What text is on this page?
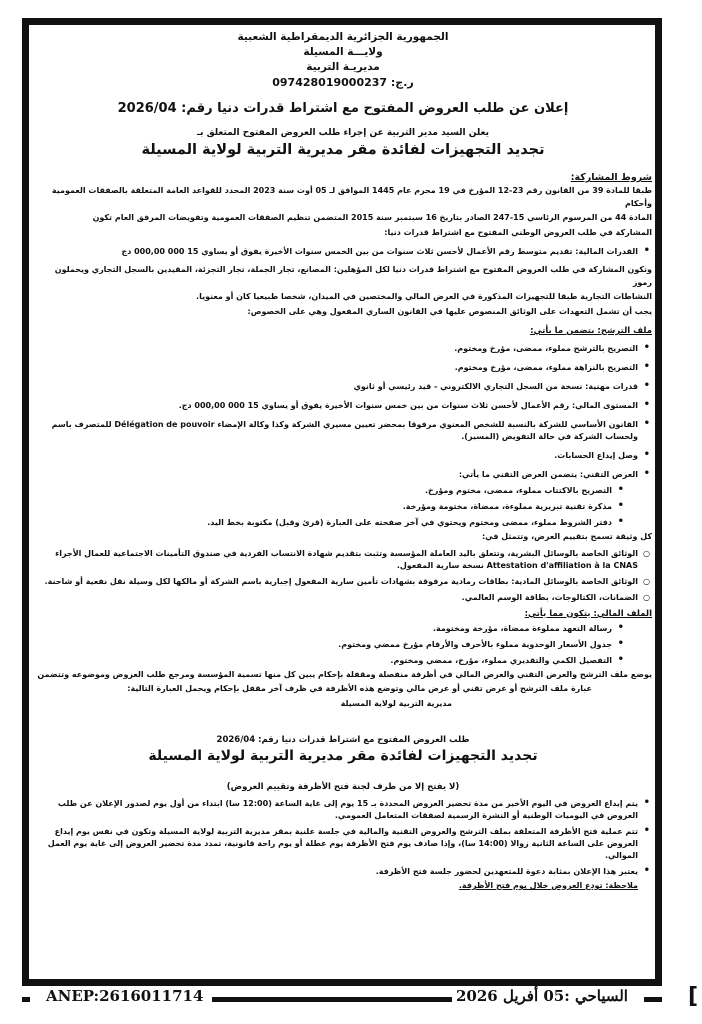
الجمهورية الجزائرية الديمقراطية الشعبية
ولايـــة المسيلة
مديريـة التربية
ر.ج: 097428019000237
إعلان عن طلب العروض المفتوح مع اشتراط قدرات دنيا رقم: 2026/04
يعلن السيد مدير التربية عن إجراء طلب العروض المفتوح المتعلق بـ
تجديد التجهيزات لفائدة مقر مديرية التربية لولاية المسيلة
شروط المشاركة:
طبقا للمادة 39 من القانون رقم 23-12 المؤرخ في 19 محرم عام 1445 الموافق لـ 05 أوت سنة 2023 المحدد للقواعد العامة المتعلقة بالصفقات العمومية وأحكام
المادة 44 من المرسوم الرئاسي 15-247 الصادر بتاريخ 16 سبتمبر سنة 2015 المتضمن تنظيم الصفقات العمومية وتفويضات المرفق العام تكون
المشاركة في طلب العروض الوطني المفتوح مع اشتراط قدرات دنيا:
• القدرات المالية: تقديم متوسط رقم الأعمال لأحسن ثلاث سنوات من بين الخمس سنوات الأخيرة يفوق أو يساوي 15 000 000,00 دج
وتكون المشاركة في طلب العروض المفتوح مع اشتراط قدرات دنيا لكل المؤهلين: المصانع، تجار الجملة، تجار التجزئة، المقيدين بالسجل التجاري ويحملون رموز
النشاطات التجارية طبقا للتجهيزات المذكورة في العرض المالي والمختصين في الميدان، شخصا طبيعيا كان أو معنويا.
يجب أن تشمل التعهدات على الوثائق المنصوص عليها في القانون الساري المفعول وهي على الخصوص:
ملف الترشح: يتضمن ما يأتي:
• التصريح بالترشح مملوء، ممضى، مؤرخ ومختوم.
• التصريح بالنزاهة مملوء، ممضى، مؤرخ ومختوم.
• قدرات مهنية: نسخة من السجل التجاري الالكتروني - قيد رئيسي أو ثانوي
• المستوى المالي: رقم الأعمال لأحسن ثلاث سنوات من بين خمس سنوات الأخيرة يفوق أو يساوي 15 000 000,00 دج.
• القانون الأساسي للشركة بالنسبة للشخص المعنوي مرفوقا بمحضر تعيين مسيري الشركة وكذا وكالة الإمضاء Délégation de pouvoir للمتصرف باسم ولحساب الشركة في حالة التفويض (المسير).
• وصل إيداع الحسابات.
• العرض التقني: يتضمن العرض التقني ما يأتي:
• التصريح بالاكتتاب مملوء، ممضى، مختوم ومؤرخ.
• مذكرة تقنية تبريرية مملوءة، ممضاة، مختومة ومؤرخة.
• دفتر الشروط مملوء، ممضى ومختوم ويحتوي في آخر صفحته على العبارة (قرئ وقبل) مكتوبة بخط اليد.
كل وثيقة تسمح بتقييم العرض، وتتمثل في:
○ الوثائق الخاصة بالوسائل البشرية، وتتعلق باليد العاملة المؤسسة وتثبت بتقديم شهادة الانتساب الفردية في صندوق التأمينات الاجتماعية للعمال الأجراء Attestation d'affiliation à la CNAS نسخة سارية المفعول.
○ الوثائق الخاصة بالوسائل المادية: بطاقات رمادية مرفوقة بشهادات تأمين سارية المفعول إجبارية باسم الشركة أو مالكها لكل وسيلة نقل نفعية أو شاحنة.
○ الضمانات، الكتالوجات، بطاقة الوسم العالمي.
الملف المالي: يتكون مما يأتي:
• رسالة التعهد مملوءة ممضاة، مؤرخة ومختومة.
• جدول الأسعار الوحدوية مملوء بالأحرف والأرقام مؤرخ ممضي ومختوم.
• التفصيل الكمي والتقديري مملوء، مؤرخ، ممضي ومختوم.
يوضع ملف الترشح والعرض التقني والعرض المالي في أظرفة منفصلة ومقفلة بإحكام يبين كل منها تسمية المؤسسة ومرجع طلب العروض وموضوعه وتتضمن
عبارة ملف الترشح أو عرض تقني أو عرض مالي وتوضع هذه الأظرفة في ظرف آخر مقفل بإحكام ويحمل العبارة التالية:
مديرية التربية لولاية المسيلة
طلب العروض المفتوح مع اشتراط قدرات دنيا رقم: 2026/04
تجديد التجهيزات لفائدة مقر مديرية التربية لولاية المسيلة
(لا يفتح إلا من طرف لجنة فتح الأظرفة وتقييم العروض)
• يتم إيداع العروض في اليوم الأخير من مدة تحضير العروض المحددة بـ 15 يوم إلى غاية الساعة (12:00 سا) ابتداء من أول يوم لصدور الإعلان عن طلب العروض في اليوميات الوطنية أو النشرة الرسمية لصفقات المتعامل العمومي.
• تتم عملية فتح الأظرفة المتعلقة بملف الترشح والعروض التقنية والمالية في جلسة علنية بمقر مديرية التربية لولاية المسيلة وتكون في نفس يوم إيداع العروض على الساعة الثانية زوالا (14:00 سا)، وإذا صادف يوم فتح الأظرفة يوم عطلة أو يوم راحة قانونية، تمدد مدة تحضير العروض إلى غاية يوم العمل الموالي.
• يعتبر هذا الإعلان بمثابة دعوة للمتعهدين لحضور جلسة فتح الأظرفة.
ملاحظة: تودع العروض خلال يوم فتح الأظرفة.
ANEP:2616011714	السياحي :05 أفريل 2026	[
